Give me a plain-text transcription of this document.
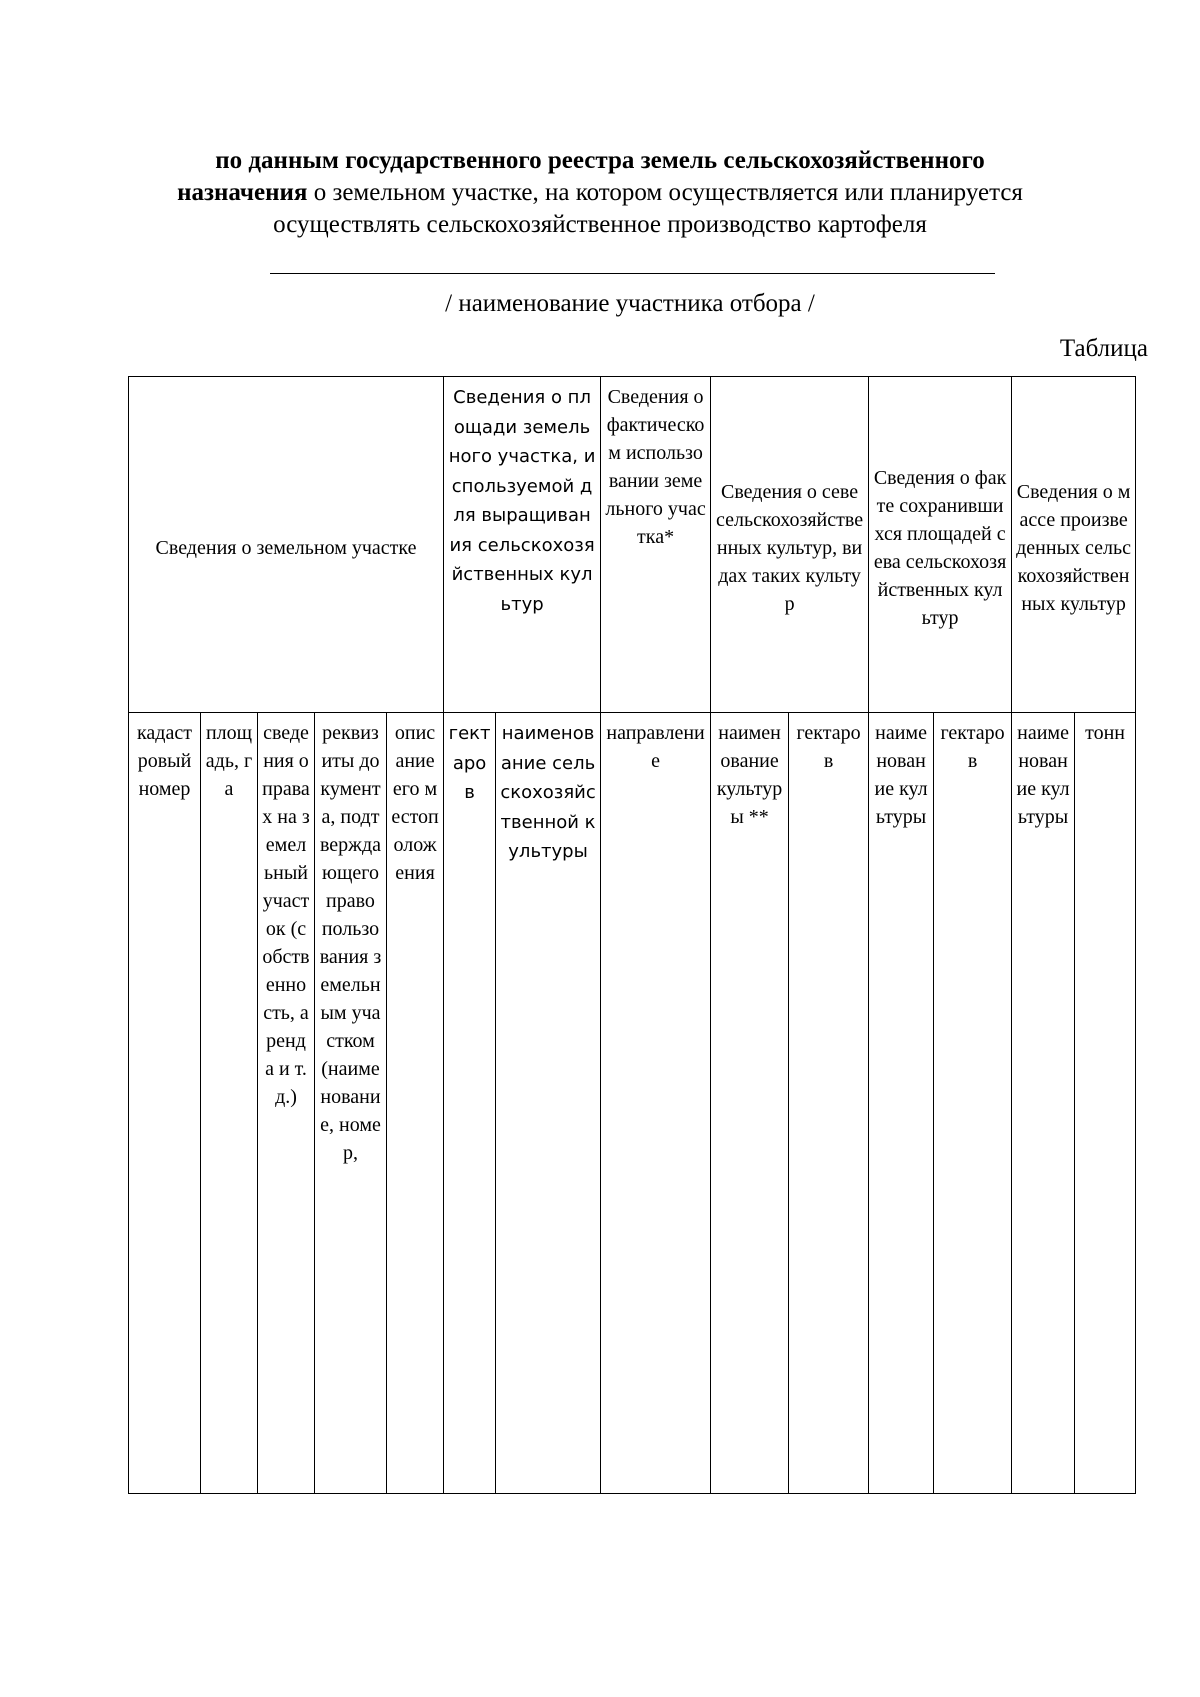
по данным государственного реестра земель сельскохозяйственного
назначения о земельном участке, на котором осуществляется или планируется
осуществлять сельскохозяйственное производство картофеля
/ наименование участника отбора /
Таблица
Сведения о земельном участке					Сведения о площади земельного участка, используемой для выращивания сельскохозяйственных культур		Сведения о фактическом использовании земельного участка*	Сведения о севе сельскохозяйственных культур, видах таких культур		Сведения о факте сохранившихся площадей сева сельскохозяйственных культур		Сведения о массе произведенных сельскохозяйственных культур	

кадастровый номер	площадь, га	сведения о правах на земельный участок (собственность, аренда и т.д.)	реквизиты документа, подтверждающего право пользования земельным участком (наименование, номер,	описание его местоположения	гектаров	наименование сельскохозяйственной культуры	направление	наименование культуры **	гектаров	наименование культуры	гектаров	наименование культуры	тонн
